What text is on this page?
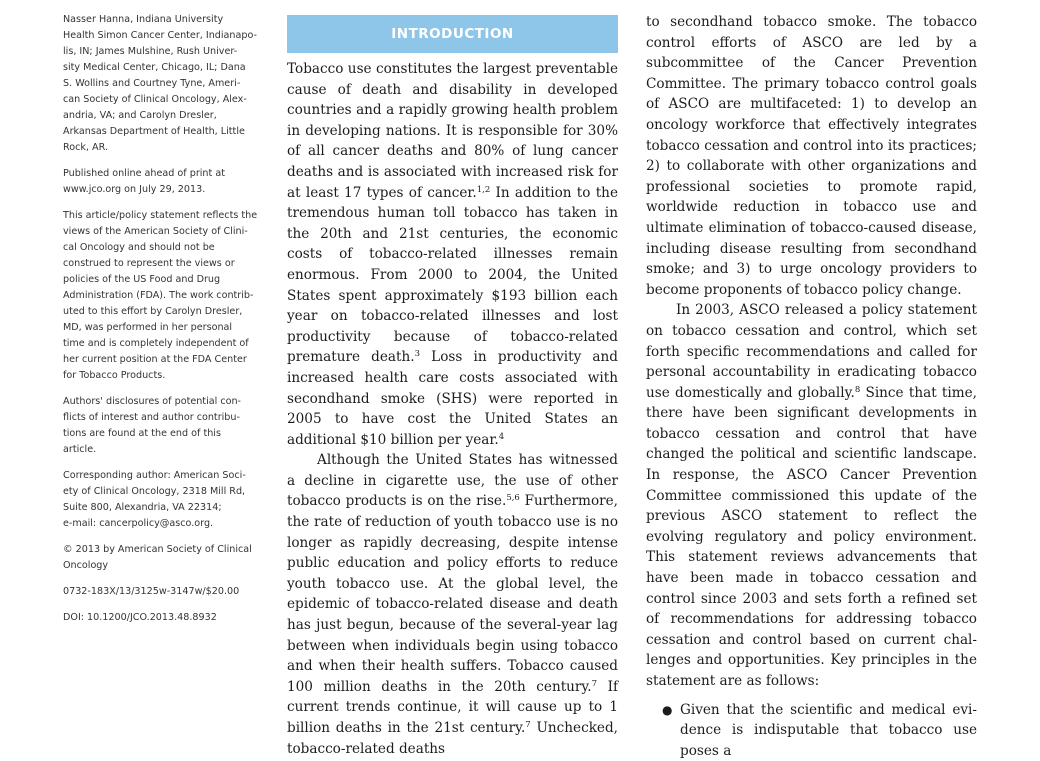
Nasser Hanna, Indiana University
Health Simon Cancer Center, Indianapo-
lis, IN; James Mulshine, Rush Univer-
sity Medical Center, Chicago, IL; Dana
S. Wollins and Courtney Tyne, Ameri-
can Society of Clinical Oncology, Alex-
andria, VA; and Carolyn Dresler,
Arkansas Department of Health, Little
Rock, AR.

Published online ahead of print at
www.jco.org on July 29, 2013.

This article/policy statement reflects the
views of the American Society of Clini-
cal Oncology and should not be
construed to represent the views or
policies of the US Food and Drug
Administration (FDA). The work contrib-
uted to this effort by Carolyn Dresler,
MD, was performed in her personal
time and is completely independent of
her current position at the FDA Center
for Tobacco Products.

Authors' disclosures of potential con-
flicts of interest and author contribu-
tions are found at the end of this
article.

Corresponding author: American Soci-
ety of Clinical Oncology, 2318 Mill Rd,
Suite 800, Alexandria, VA 22314;
e-mail: cancerpolicy@asco.org.

© 2013 by American Society of Clinical
Oncology

0732-183X/13/3125w-3147w/$20.00

DOI: 10.1200/JCO.2013.48.8932

INTRODUCTION

Tobacco use constitutes the largest preventable cause of death and disability in developed countries and a rapidly growing health problem in developing nations. It is responsible for 30% of all cancer deaths and 80% of lung cancer deaths and is associated with increased risk for at least 17 types of cancer.$^{1,2}$ In addition to the tremendous human toll tobacco has taken in the 20th and 21st centuries, the economic costs of tobacco-related illnesses remain enormous. From 2000 to 2004, the United States spent approximately $193 billion each year on tobacco-related illnesses and lost productivity because of tobacco-related premature death.$^3$ Loss in productivity and increased health care costs associated with secondhand smoke (SHS) were reported in 2005 to have cost the United States an additional $10 billion per year.$^4$

Although the United States has witnessed a decline in cigarette use, the use of other tobacco products is on the rise.$^{5,6}$ Furthermore, the rate of reduction of youth tobacco use is no longer as rapidly decreasing, despite intense public education and policy efforts to reduce youth tobacco use. At the global level, the epidemic of tobacco-related disease and death has just begun, because of the several-year lag between when individuals begin using tobacco and when their health suffers. Tobacco caused 100 million deaths in the 20th century.$^7$ If current trends continue, it will cause up to 1 billion deaths in the 21st century.$^7$ Unchecked, tobacco-related deaths

to secondhand tobacco smoke. The tobacco control efforts of ASCO are led by a subcommittee of the Cancer Prevention Committee. The primary tobacco control goals of ASCO are multifaceted: 1) to develop an oncology workforce that effectively integrates tobacco cessation and control into its practices; 2) to collaborate with other organizations and professional societies to promote rapid, worldwide reduction in tobacco use and ultimate elimination of tobacco-caused disease, including disease resulting from secondhand smoke; and 3) to urge oncology providers to become proponents of tobacco policy change.

In 2003, ASCO released a policy statement on tobacco cessation and control, which set forth specific recommendations and called for personal accountability in eradicating tobacco use domestically and globally.$^8$ Since that time, there have been significant developments in tobacco cessation and control that have changed the political and scientific landscape. In response, the ASCO Cancer Prevention Committee commissioned this update of the previous ASCO statement to reflect the evolving regulatory and policy environment. This statement reviews advancements that have been made in tobacco cessation and control since 2003 and sets forth a refined set of recommendations for addressing tobacco cessation and control based on current challenges and opportunities. Key principles in the statement are as follows:

● Given that the scientific and medical evidence is indisputable that tobacco use poses a
